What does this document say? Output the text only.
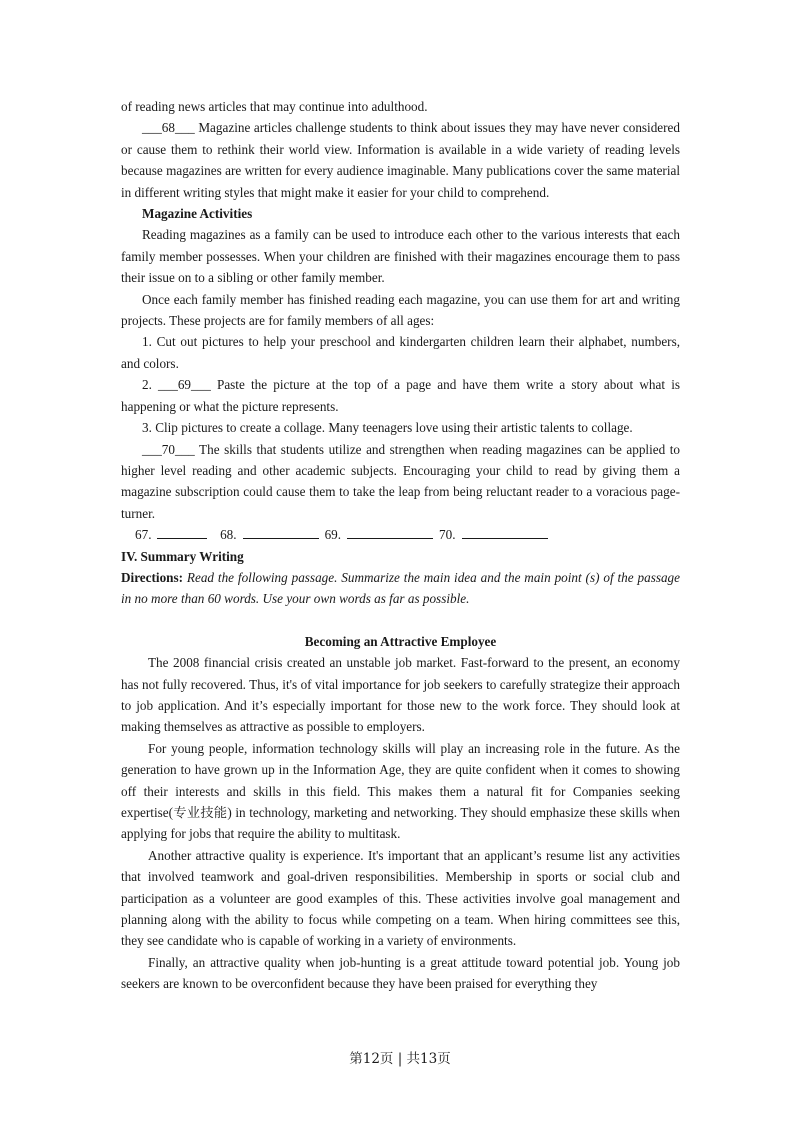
of reading news articles that may continue into adulthood.

___68___ Magazine articles challenge students to think about issues they may have never considered or cause them to rethink their world view. Information is available in a wide variety of reading levels because magazines are written for every audience imaginable. Many publications cover the same material in different writing styles that might make it easier for your child to comprehend.

Magazine Activities

Reading magazines as a family can be used to introduce each other to the various interests that each family member possesses. When your children are finished with their magazines encourage them to pass their issue on to a sibling or other family member.

Once each family member has finished reading each magazine, you can use them for art and writing projects. These projects are for family members of all ages:

1. Cut out pictures to help your preschool and kindergarten children learn their alphabet, numbers, and colors.

2. ___69___ Paste the picture at the top of a page and have them write a story about what is happening or what the picture represents.

3. Clip pictures to create a collage. Many teenagers love using their artistic talents to collage.

___70___ The skills that students utilize and strengthen when reading magazines can be applied to higher level reading and other academic subjects. Encouraging your child to read by giving them a magazine subscription could cause them to take the leap from being reluctant reader to a voracious page-turner.

67.	68.	69.	70.

IV. Summary Writing

Directions: Read the following passage. Summarize the main idea and the main point (s) of the passage in no more than 60 words. Use your own words as far as possible.

Becoming an Attractive Employee

The 2008 financial crisis created an unstable job market. Fast-forward to the present, an economy has not fully recovered. Thus, it's of vital importance for job seekers to carefully strategize their approach to job application. And it’s especially important for those new to the work force. They should look at making themselves as attractive as possible to employers.

For young people, information technology skills will play an increasing role in the future. As the generation to have grown up in the Information Age, they are quite confident when it comes to showing off their interests and skills in this field. This makes them a natural fit for Companies seeking expertise(专业技能) in technology, marketing and networking. They should emphasize these skills when applying for jobs that require the ability to multitask.

Another attractive quality is experience. It's important that an applicant’s resume list any activities that involved teamwork and goal-driven responsibilities. Membership in sports or social club and participation as a volunteer are good examples of this. These activities involve goal management and planning along with the ability to focus while competing on a team. When hiring committees see this, they see candidate who is capable of working in a variety of environments.

Finally, an attractive quality when job-hunting is a great attitude toward potential job. Young job seekers are known to be overconfident because they have been praised for everything they

第12页 | 共13页
